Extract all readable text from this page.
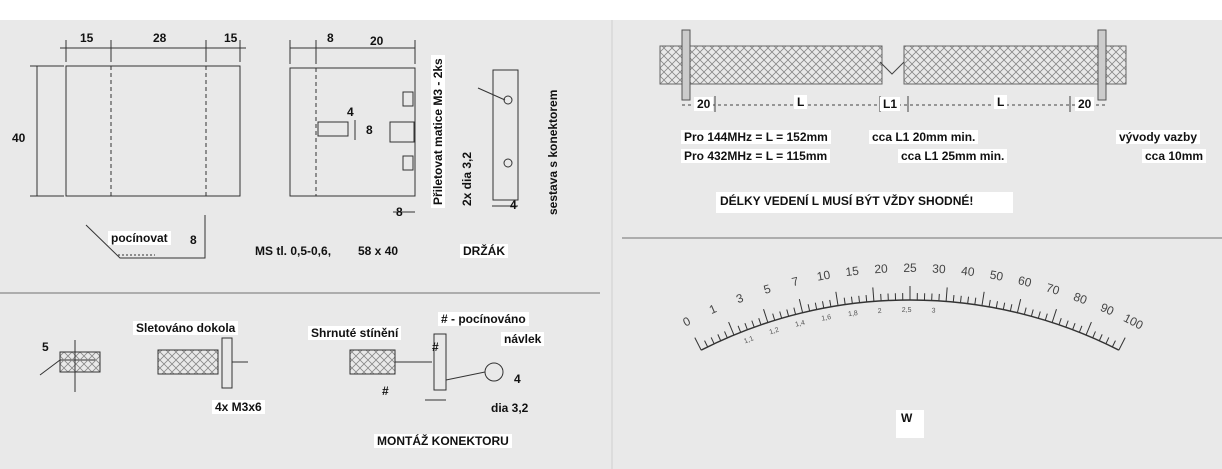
0
1
3
5 7 10 15 20 25 30 40 50 60 70
80
90
100
1,1
1,2
1,4
1,6 1,8	2	2,5	3
15	28	15
40
8	20
4
8
8
Přiletovat matice M3 - 2ks 2x dia 3,2	4 sestava s konektorem
pocínovat 8
MS tl. 0,5-0,6, 58 x 40	DRŽÁK
20	L	L1	L	20
Pro 144MHz = L = 152mm	cca L1 20mm min.
Pro 432MHz = L = 115mm	cca L1 25mm min.
vývody vazby
cca 10mm
DÉLKY VEDENÍ L MUSÍ BÝT VŽDY SHODNÉ!
5
Sletováno dokola
4x M3x6
Shrnuté stínění
# - pocínováno
návlek
#
#
4
dia 3,2
MONTÁŽ KONEKTORU
W
